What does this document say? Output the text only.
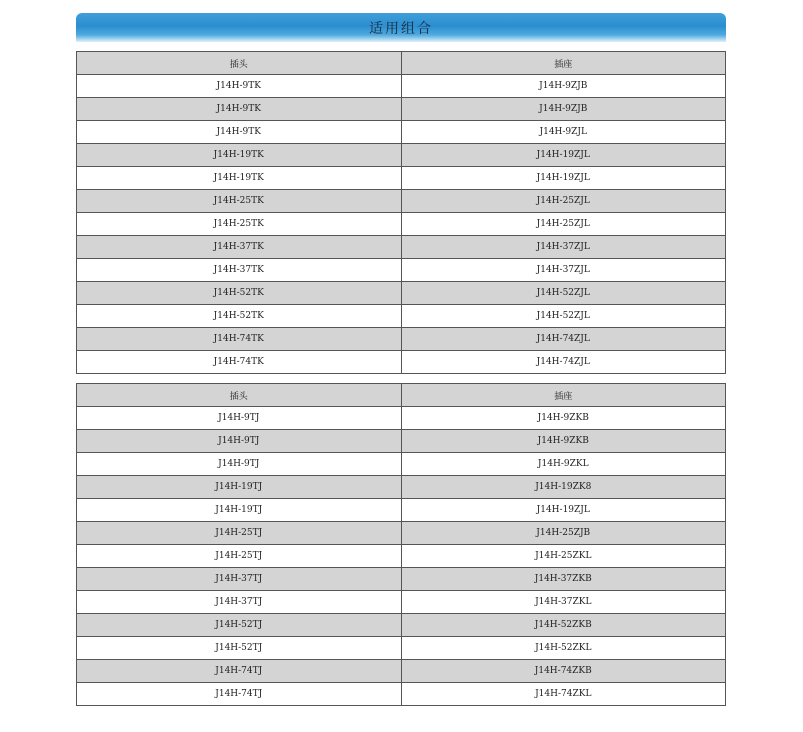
适用组合
插头	插座
J14H-9TK	J14H-9ZJB
J14H-9TK	J14H-9ZJB
J14H-9TK	J14H-9ZJL
J14H-19TK	J14H-19ZJL
J14H-19TK	J14H-19ZJL
J14H-25TK	J14H-25ZJL
J14H-25TK	J14H-25ZJL
J14H-37TK	J14H-37ZJL
J14H-37TK	J14H-37ZJL
J14H-52TK	J14H-52ZJL
J14H-52TK	J14H-52ZJL
J14H-74TK	J14H-74ZJL
J14H-74TK	J14H-74ZJL
插头	插座
J14H-9TJ	J14H-9ZKB
J14H-9TJ	J14H-9ZKB
J14H-9TJ	J14H-9ZKL
J14H-19TJ	J14H-19ZK8
J14H-19TJ	J14H-19ZJL
J14H-25TJ	J14H-25ZJB
J14H-25TJ	J14H-25ZKL
J14H-37TJ	J14H-37ZKB
J14H-37TJ	J14H-37ZKL
J14H-52TJ	J14H-52ZKB
J14H-52TJ	J14H-52ZKL
J14H-74TJ	J14H-74ZKB
J14H-74TJ	J14H-74ZKL
